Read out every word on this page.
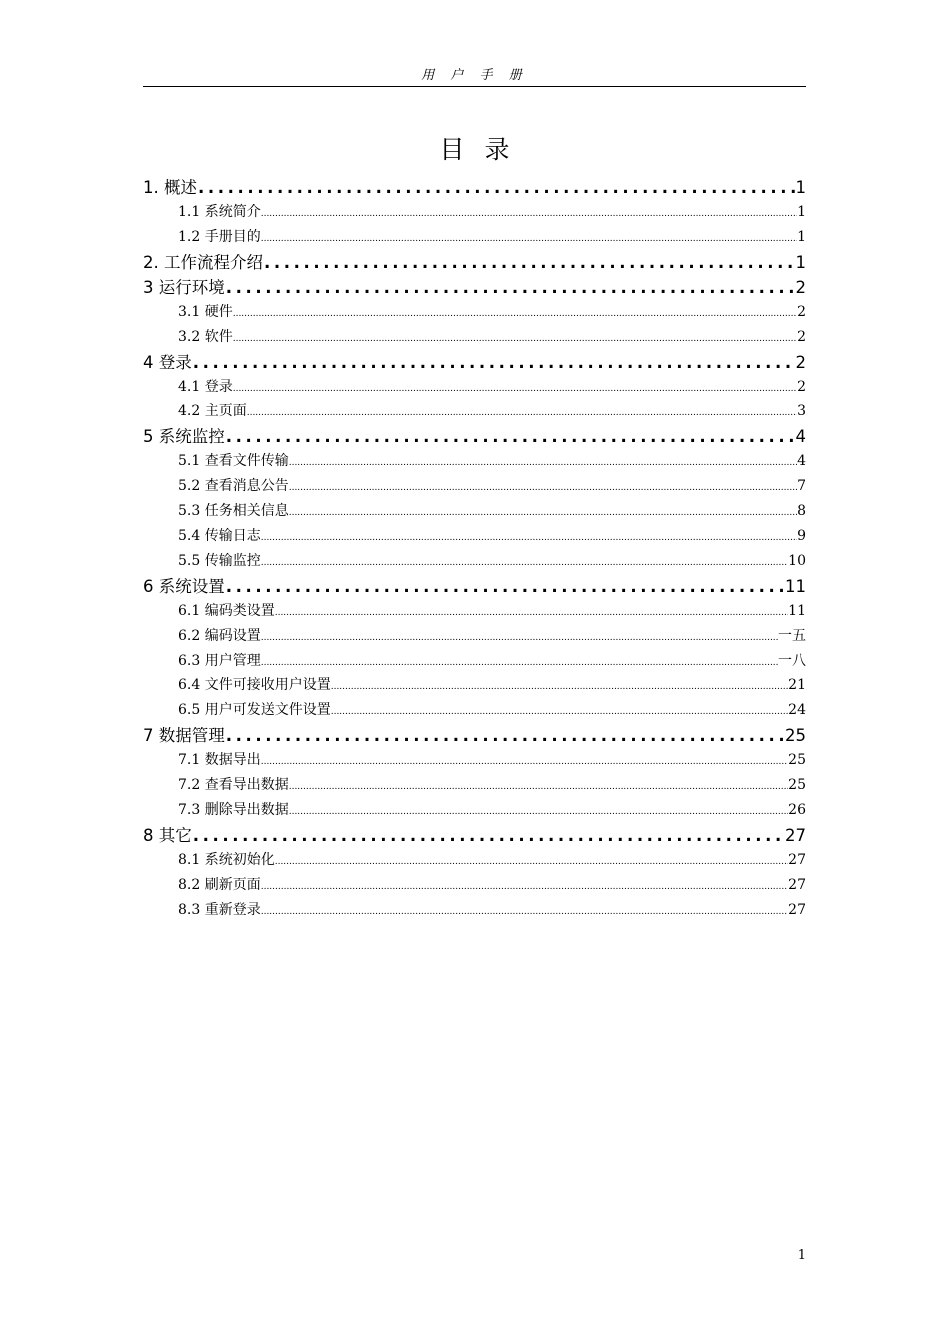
用 户 手 册
目录
1. 概述 .....	1
1.1 系统简介 .....	1
1.2 手册目的 .....	1
2. 工作流程介绍 .....	1
3 运行环境 .....	2
3.1 硬件 .....	2
3.2 软件 .....	2
4 登录 .....	2
4.1 登录 .....	2
4.2 主页面 .....	3
5 系统监控 .....	4
5.1 查看文件传输 .....	4
5.2 查看消息公告 .....	7
5.3 任务相关信息 .....	8
5.4 传输日志 .....	9
5.5 传输监控 .....	10
6 系统设置 .....	11
6.1 编码类设置 .....	11
6.2 编码设置 .....	一五
6.3 用户管理 .....	一八
6.4 文件可接收用户设置 .....	21
6.5 用户可发送文件设置 .....	24
7 数据管理 .....	25
7.1 数据导出 .....	25
7.2 查看导出数据 .....	25
7.3 删除导出数据 .....	26
8 其它 .....	27
8.1 系统初始化 .....	27
8.2 刷新页面 .....	27
8.3 重新登录 .....	27
1
